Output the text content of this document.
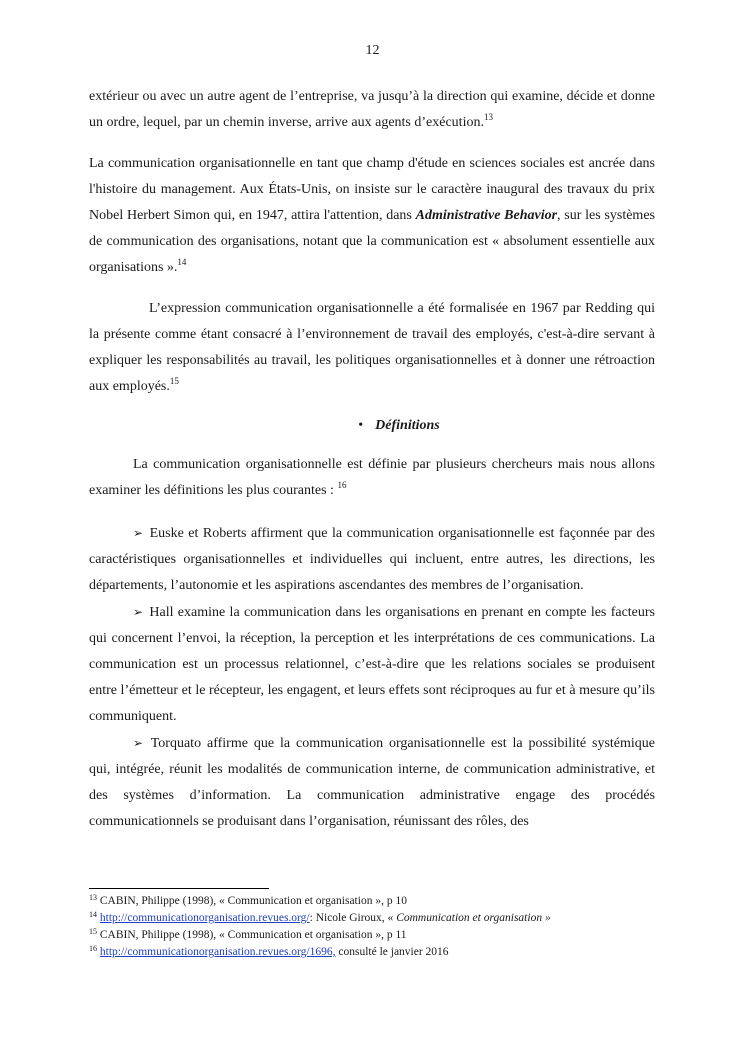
12

extérieur ou avec un autre agent de l’entreprise, va jusqu’à la direction qui examine, décide et donne un ordre, lequel, par un chemin inverse, arrive aux agents d’exécution.$^{13}$

La communication organisationnelle en tant que champ d'étude en sciences sociales est ancrée dans l'histoire du management. Aux États-Unis, on insiste sur le caractère inaugural des travaux du prix Nobel Herbert Simon qui, en 1947, attira l'attention, dans Administrative Behavior, sur les systèmes de communication des organisations, notant que la communication est « absolument essentielle aux organisations ».$^{14}$

L’expression communication organisationnelle a été formalisée en 1967 par Redding qui la présente comme étant consacré à l’environnement de travail des employés, c'est-à-dire servant à expliquer les responsabilités au travail, les politiques organisationnelles et à donner une rétroaction aux employés.$^{15}$

• Définitions

La communication organisationnelle est définie par plusieurs chercheurs mais nous allons examiner les définitions les plus courantes : $^{16}$

➢ Euske et Roberts affirment que la communication organisationnelle est façonnée par des caractéristiques organisationnelles et individuelles qui incluent, entre autres, les directions, les départements, l’autonomie et les aspirations ascendantes des membres de l’organisation.

➢ Hall examine la communication dans les organisations en prenant en compte les facteurs qui concernent l’envoi, la réception, la perception et les interprétations de ces communications. La communication est un processus relationnel, c’est-à-dire que les relations sociales se produisent entre l’émetteur et le récepteur, les engagent, et leurs effets sont réciproques au fur et à mesure qu’ils communiquent.

➢ Torquato affirme que la communication organisationnelle est la possibilité systémique qui, intégrée, réunit les modalités de communication interne, de communication administrative, et des systèmes d’information. La communication administrative engage des procédés communicationnels se produisant dans l’organisation, réunissant des rôles, des

$^{13}$ CABIN, Philippe (1998), « Communication et organisation », p 10

$^{14}$ http://communicationorganisation.revues.org/: Nicole Giroux, « Communication et organisation »

$^{15}$ CABIN, Philippe (1998), « Communication et organisation », p 11

$^{16}$ http://communicationorganisation.revues.org/1696, consulté le janvier 2016
